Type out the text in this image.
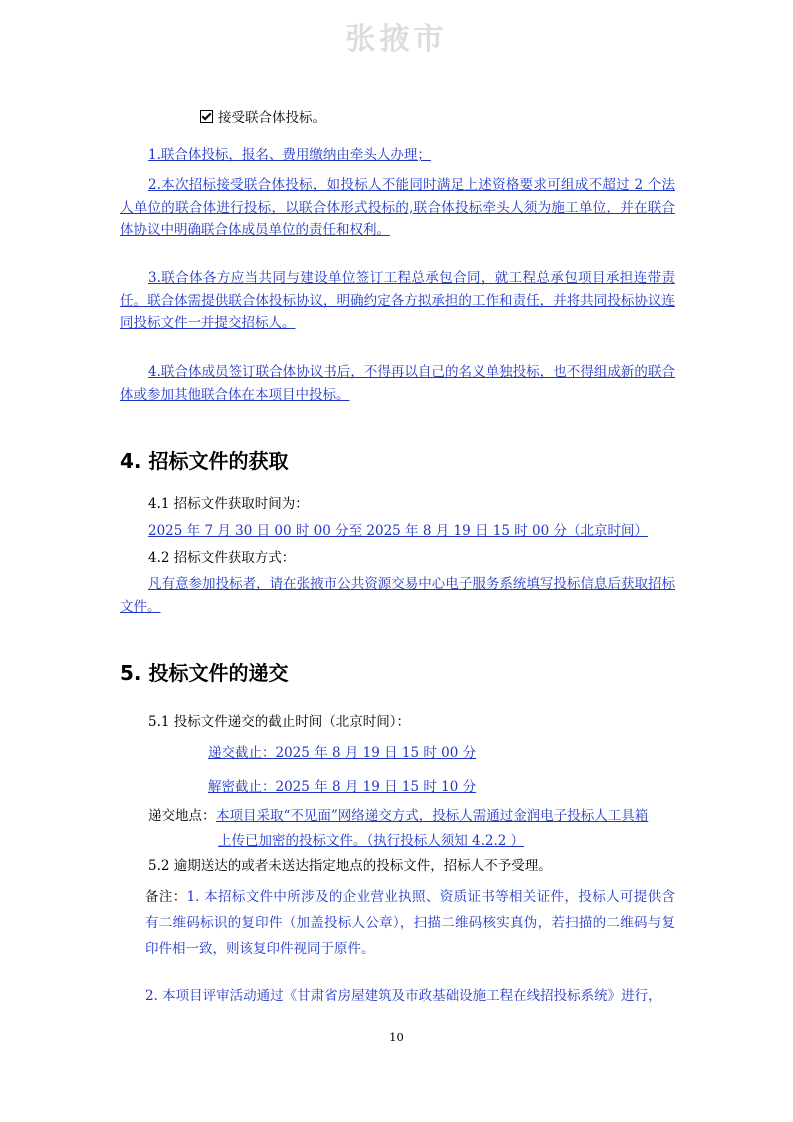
张掖市
接受联合体投标。
1.联合体投标，报名、费用缴纳由牵头人办理；
2.本次招标接受联合体投标，如投标人不能同时满足上述资格要求可组成不超过 2 个法人单位的联合体进行投标，以联合体形式投标的,联合体投标牵头人须为施工单位，并在联合体协议中明确联合体成员单位的责任和权利。
3.联合体各方应当共同与建设单位签订工程总承包合同，就工程总承包项目承担连带责任。联合体需提供联合体投标协议，明确约定各方拟承担的工作和责任，并将共同投标协议连同投标文件一并提交招标人。
4.联合体成员签订联合体协议书后，不得再以自己的名义单独投标，也不得组成新的联合体或参加其他联合体在本项目中投标。
4. 招标文件的获取
4.1 招标文件获取时间为：
2025 年 7 月 30 日 00 时 00 分至 2025 年 8 月 19 日 15 时 00 分（北京时间）
4.2 招标文件获取方式：
凡有意参加投标者，请在张掖市公共资源交易中心电子服务系统填写投标信息后获取招标文件。
5. 投标文件的递交
5.1 投标文件递交的截止时间（北京时间）：
递交截止：2025 年 8 月 19 日 15 时 00 分
解密截止：2025 年 8 月 19 日 15 时 10 分
递交地点： 本项目采取“不见面”网络递交方式，投标人需通过金润电子投标人工具箱
上传已加密的投标文件。（执行投标人须知 4.2.2 ）
5.2 逾期送达的或者未送达指定地点的投标文件，招标人不予受理。
备注：1. 本招标文件中所涉及的企业营业执照、资质证书等相关证件，投标人可提供含有二维码标识的复印件（加盖投标人公章），扫描二维码核实真伪，若扫描的二维码与复印件相一致，则该复印件视同于原件。
2. 本项目评审活动通过《甘肃省房屋建筑及市政基础设施工程在线招投标系统》进行，
10
